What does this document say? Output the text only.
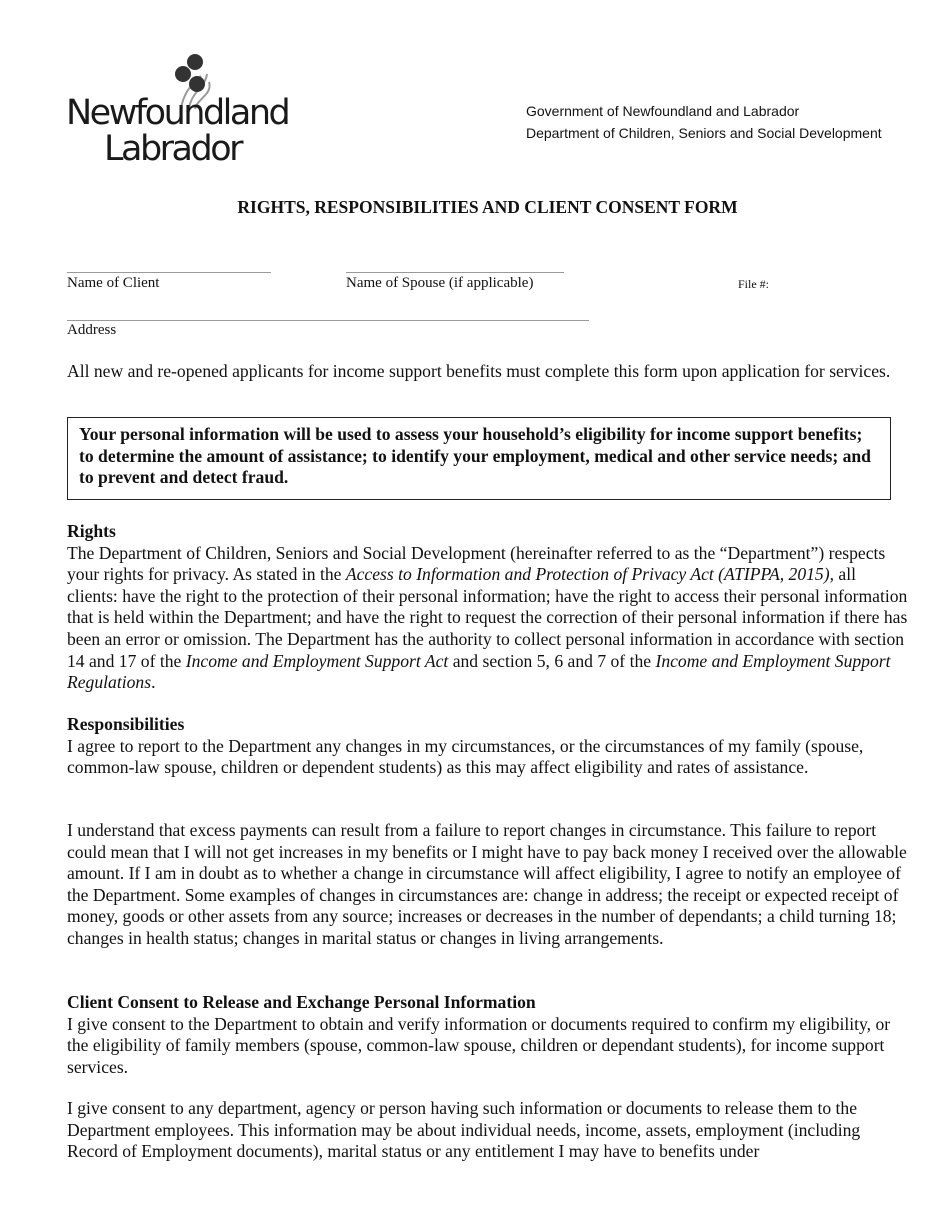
Newfoundland
Labrador
Government of Newfoundland and Labrador
Department of Children, Seniors and Social Development
RIGHTS, RESPONSIBILITIES AND CLIENT CONSENT FORM
Name of Client	Name of Spouse (if applicable)	File #:
Address

All new and re-opened applicants for income support benefits must complete this form upon application for services.

Your personal information will be used to assess your household’s eligibility for income support benefits; to determine the amount of assistance; to identify your employment, medical and other service needs; and to prevent and detect fraud.

Rights
The Department of Children, Seniors and Social Development (hereinafter referred to as the “Department”) respects your rights for privacy. As stated in the Access to Information and Protection of Privacy Act (ATIPPA, 2015), all clients: have the right to the protection of their personal information; have the right to access their personal information that is held within the Department; and have the right to request the correction of their personal information if there has been an error or omission. The Department has the authority to collect personal information in accordance with section 14 and 17 of the Income and Employment Support Act and section 5, 6 and 7 of the Income and Employment Support Regulations.

Responsibilities
I agree to report to the Department any changes in my circumstances, or the circumstances of my family (spouse, common-law spouse, children or dependent students) as this may affect eligibility and rates of assistance.

I understand that excess payments can result from a failure to report changes in circumstance. This failure to report could mean that I will not get increases in my benefits or I might have to pay back money I received over the allowable amount. If I am in doubt as to whether a change in circumstance will affect eligibility, I agree to notify an employee of the Department. Some examples of changes in circumstances are: change in address; the receipt or expected receipt of money, goods or other assets from any source; increases or decreases in the number of dependants; a child turning 18; changes in health status; changes in marital status or changes in living arrangements.

Client Consent to Release and Exchange Personal Information
I give consent to the Department to obtain and verify information or documents required to confirm my eligibility, or the eligibility of family members (spouse, common-law spouse, children or dependant students), for income support services.

I give consent to any department, agency or person having such information or documents to release them to the Department employees. This information may be about individual needs, income, assets, employment (including Record of Employment documents), marital status or any entitlement I may have to benefits under
